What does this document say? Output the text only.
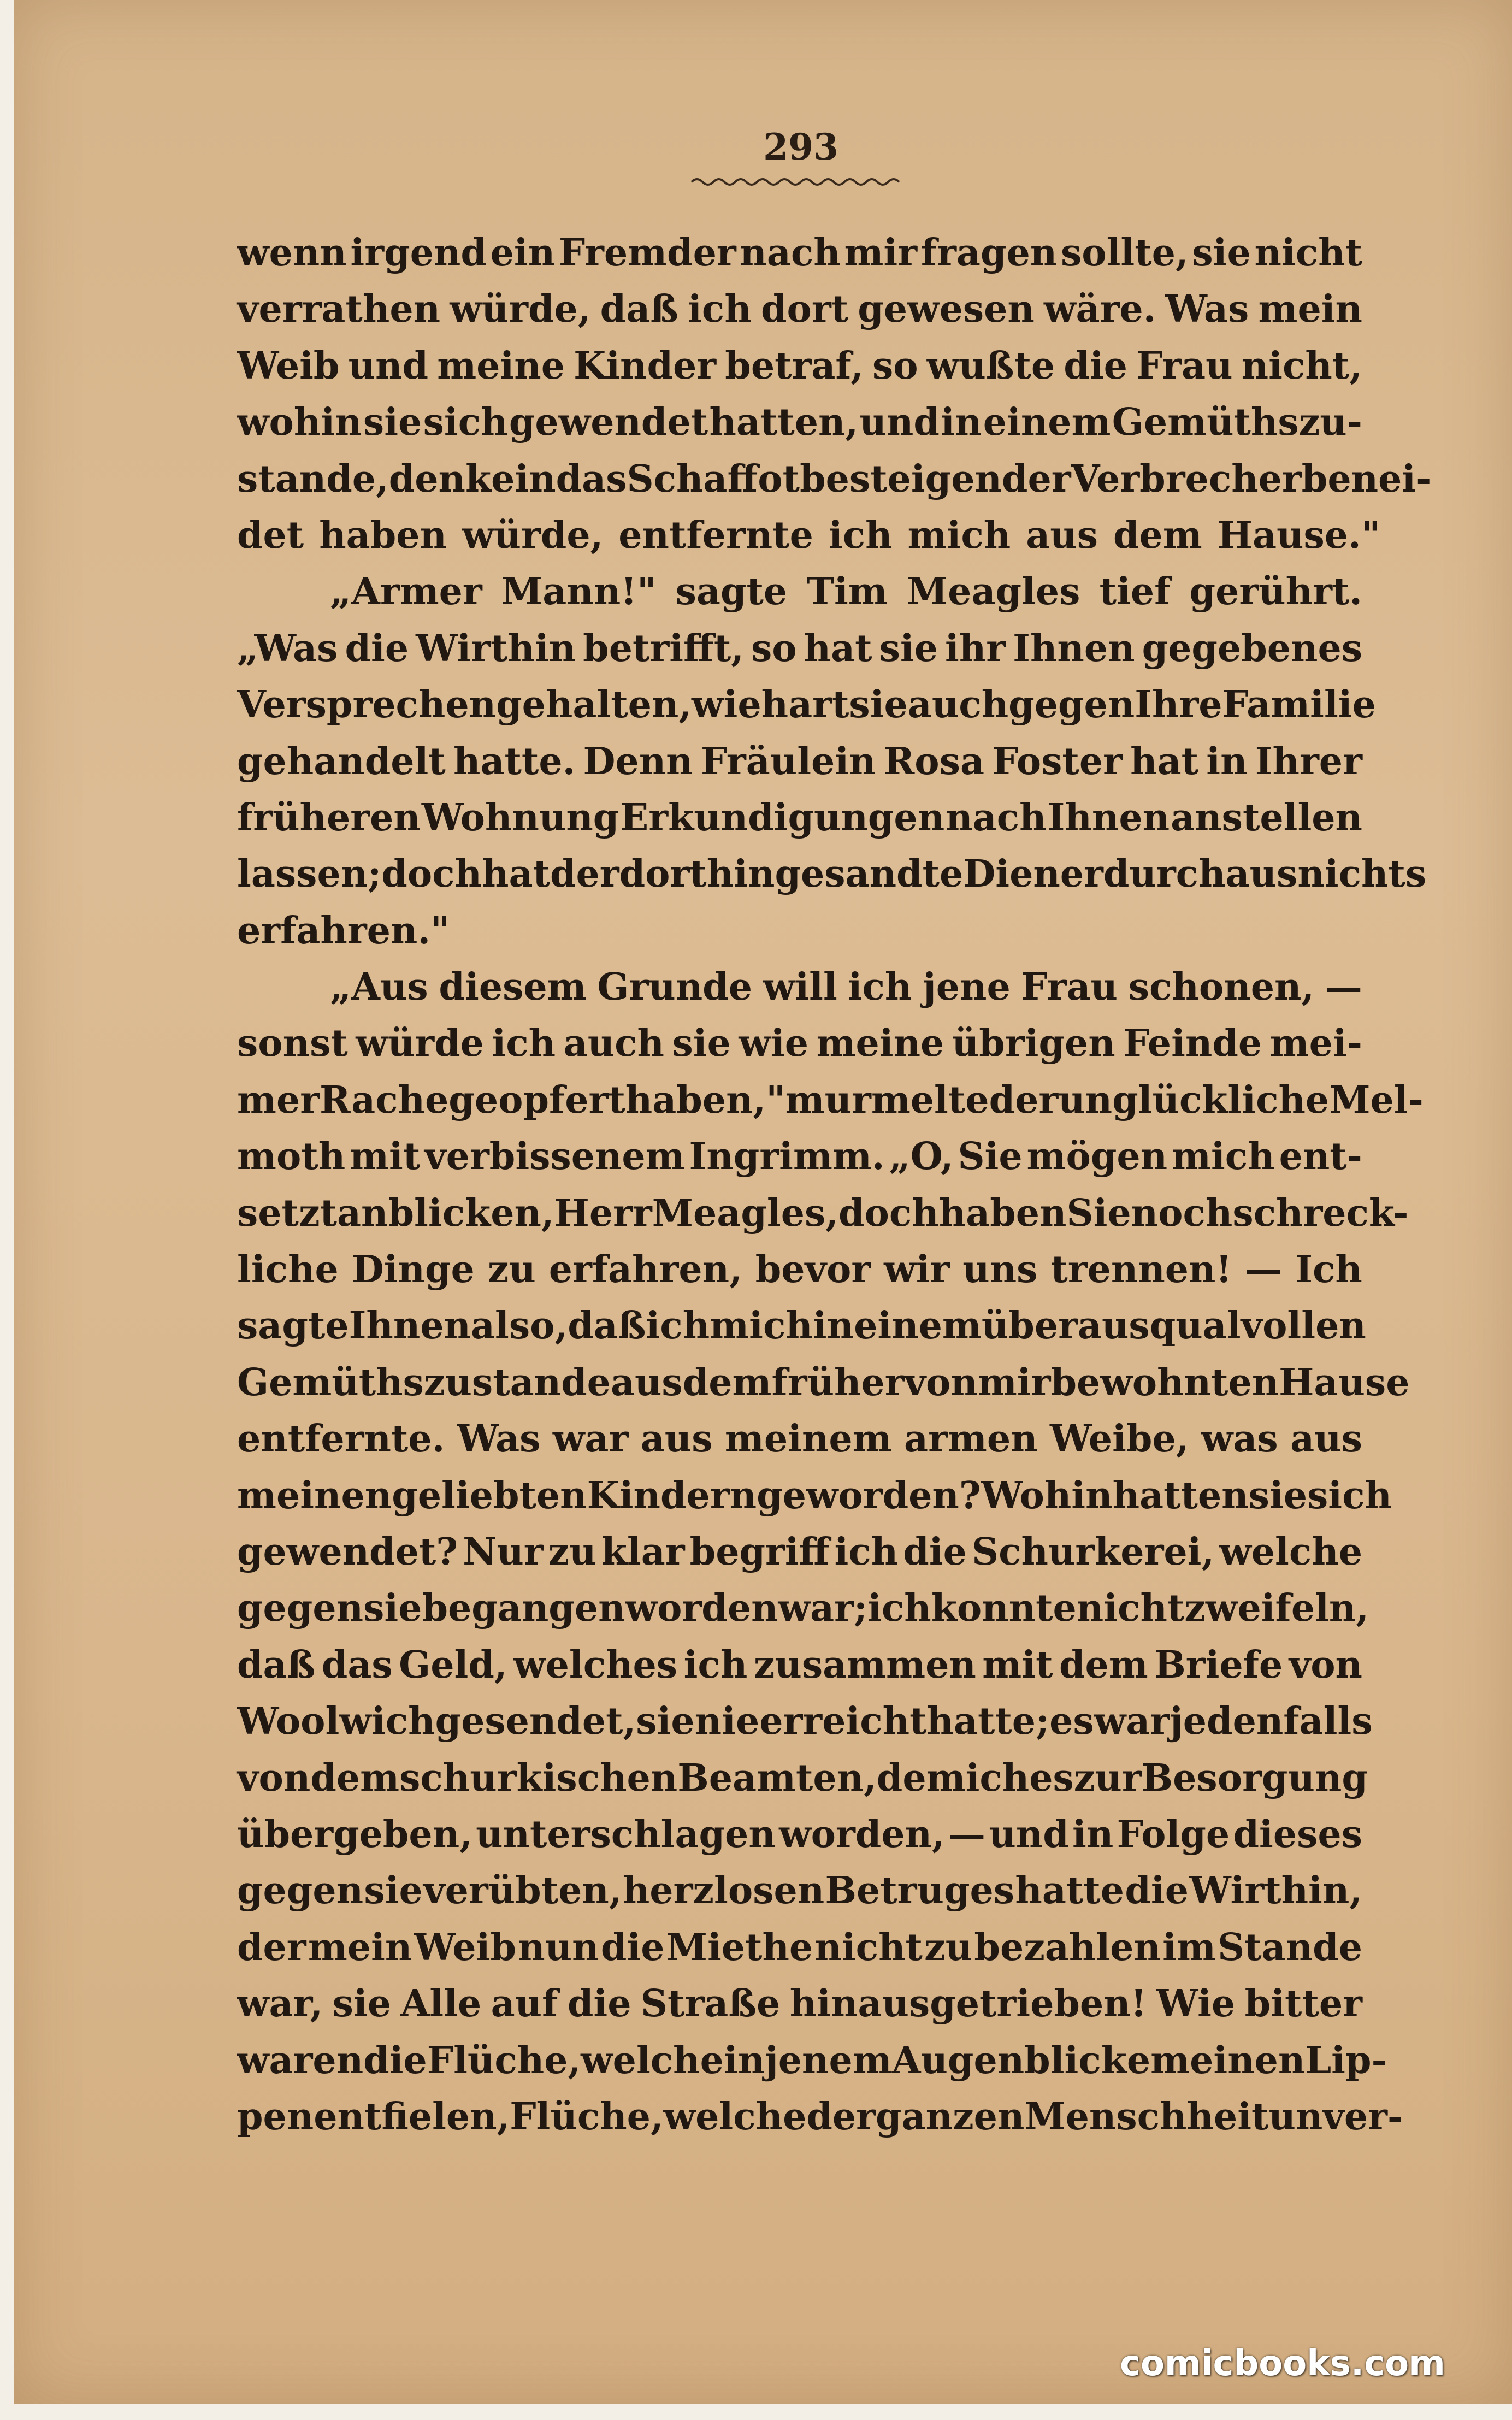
293
wenn irgend ein Fremder nach mir fragen sollte, sie nicht
verrathen würde, daß ich dort gewesen wäre. Was mein
Weib und meine Kinder betraf, so wußte die Frau nicht,
wohin sie sich gewendet hatten, und in einem Gemüthszu-
stande, den kein das Schaffot besteigender Verbrecher benei-
det haben würde, entfernte ich mich aus dem Hause."
„Armer Mann!" sagte Tim Meagles tief gerührt.
„Was die Wirthin betrifft, so hat sie ihr Ihnen gegebenes
Versprechen gehalten, wie hart sie auch gegen Ihre Familie
gehandelt hatte. Denn Fräulein Rosa Foster hat in Ihrer
früheren Wohnung Erkundigungen nach Ihnen anstellen
lassen; doch hat der dorthin gesandte Diener durchaus nichts
erfahren."
„Aus diesem Grunde will ich jene Frau schonen, —
sonst würde ich auch sie wie meine übrigen Feinde mei-
mer Rache geopfert haben," murmelte der unglückliche Mel-
moth mit verbissenem Ingrimm. „O, Sie mögen mich ent-
setzt anblicken, Herr Meagles, doch haben Sie noch schreck-
liche Dinge zu erfahren, bevor wir uns trennen! — Ich
sagte Ihnen also, daß ich mich in einem überaus qualvollen
Gemüthszustande aus dem früher von mir bewohnten Hause
entfernte. Was war aus meinem armen Weibe, was aus
meinen geliebten Kindern geworden? Wohin hatten sie sich
gewendet? Nur zu klar begriff ich die Schurkerei, welche
gegen sie begangen worden war; ich konnte nicht zweifeln,
daß das Geld, welches ich zusammen mit dem Briefe von
Woolwich gesendet, sie nie erreicht hatte; es war jedenfalls
von dem schurkischen Beamten, dem ich es zur Besorgung
übergeben, unterschlagen worden, — und in Folge dieses
gegen sie verübten, herzlosen Betruges hatte die Wirthin,
der mein Weib nun die Miethe nicht zu bezahlen im Stande
war, sie Alle auf die Straße hinausgetrieben! Wie bitter
waren die Flüche, welche in jenem Augenblicke meinen Lip-
pen entfielen, Flüche, welche der ganzen Menschheit unver-
comicbooks.com
